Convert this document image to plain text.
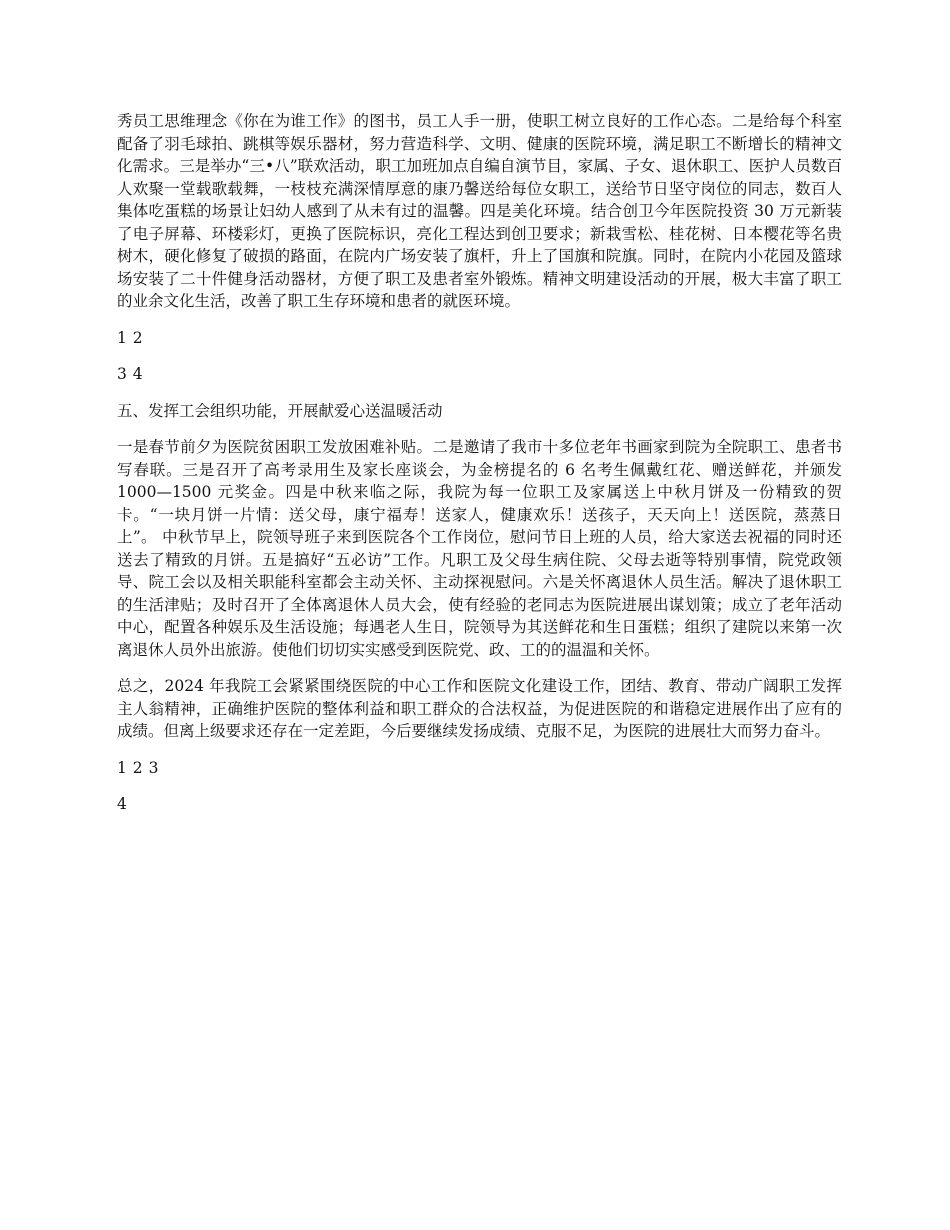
秀员工思维理念《你在为谁工作》的图书，员工人手一册，使职工树立良好的工作心态。二是给每个科室配备了羽毛球拍、跳棋等娱乐器材，努力营造科学、文明、健康的医院环境，满足职工不断增长的精神文化需求。三是举办“三•八”联欢活动，职工加班加点自编自演节目，家属、子女、退休职工、医护人员数百人欢聚一堂载歌载舞，一枝枝充满深情厚意的康乃馨送给每位女职工，送给节日坚守岗位的同志，数百人集体吃蛋糕的场景让妇幼人感到了从未有过的温馨。四是美化环境。结合创卫今年医院投资 30 万元新装了电子屏幕、环楼彩灯，更换了医院标识，亮化工程达到创卫要求；新栽雪松、桂花树、日本樱花等名贵树木，硬化修复了破损的路面，在院内广场安装了旗杆，升上了国旗和院旗。同时，在院内小花园及篮球场安装了二十件健身活动器材，方便了职工及患者室外锻炼。精神文明建设活动的开展，极大丰富了职工的业余文化生活，改善了职工生存环境和患者的就医环境。

1 2

3 4

五、发挥工会组织功能，开展献爱心送温暖活动

一是春节前夕为医院贫困职工发放困难补贴。二是邀请了我市十多位老年书画家到院为全院职工、患者书写春联。三是召开了高考录用生及家长座谈会，为金榜提名的 6 名考生佩戴红花、赠送鲜花，并颁发 1000—1500 元奖金。四是中秋来临之际，我院为每一位职工及家属送上中秋月饼及一份精致的贺卡。“一块月饼一片情：送父母，康宁福寿！送家人，健康欢乐！送孩子，天天向上！送医院，蒸蒸日上”。 中秋节早上，院领导班子来到医院各个工作岗位，慰问节日上班的人员，给大家送去祝福的同时还送去了精致的月饼。五是搞好“五必访”工作。凡职工及父母生病住院、父母去逝等特别事情，院党政领导、院工会以及相关职能科室都会主动关怀、主动探视慰问。六是关怀离退休人员生活。解决了退休职工的生活津贴；及时召开了全体离退休人员大会，使有经验的老同志为医院进展出谋划策；成立了老年活动中心，配置各种娱乐及生活设施；每遇老人生日，院领导为其送鲜花和生日蛋糕；组织了建院以来第一次离退休人员外出旅游。使他们切切实实感受到医院党、政、工的的温温和关怀。

总之，2024 年我院工会紧紧围绕医院的中心工作和医院文化建设工作，团结、教育、带动广阔职工发挥主人翁精神，正确维护医院的整体利益和职工群众的合法权益，为促进医院的和谐稳定进展作出了应有的成绩。但离上级要求还存在一定差距，今后要继续发扬成绩、克服不足，为医院的进展壮大而努力奋斗。

1 2 3

4
